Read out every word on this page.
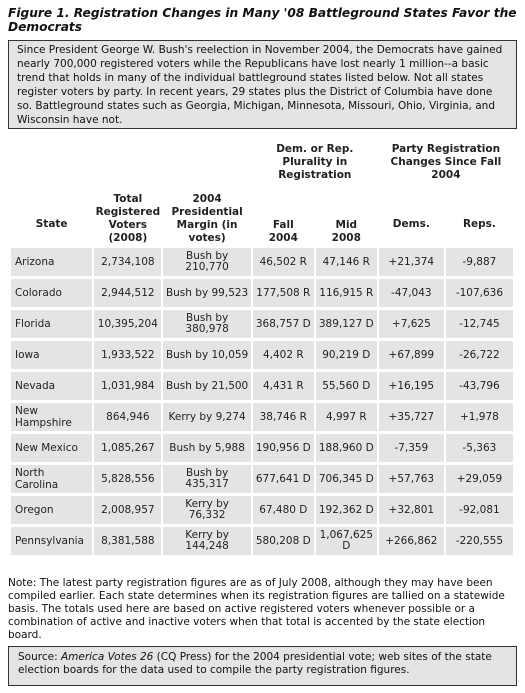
Figure 1. Registration Changes in Many '08 Battleground States Favor the
Democrats
Since President George W. Bush's reelection in November 2004, the Democrats have gained nearly 700,000 registered voters while the Republicans have lost nearly 1 million--a basic trend that holds in many of the individual battleground states listed below. Not all states register voters by party. In recent years, 29 states plus the District of Columbia have done so. Battleground states such as Georgia, Michigan, Minnesota, Missouri, Ohio, Virginia, and Wisconsin have not.
			Dem. or Rep. Plurality in Registration		Party Registration Changes Since Fall 2004	
State	Total Registered Voters (2008)	2004 Presidential Margin (in votes)	Fall 2004	Mid 2008	Dems.	Reps.
Arizona	2,734,108	Bush by 210,770	46,502 R	47,146 R	+21,374	-9,887
Colorado	2,944,512	Bush by 99,523	177,508 R	116,915 R	-47,043	-107,636
Florida	10,395,204	Bush by 380,978	368,757 D	389,127 D	+7,625	-12,745
Iowa	1,933,522	Bush by 10,059	4,402 R	90,219 D	+67,899	-26,722
Nevada	1,031,984	Bush by 21,500	4,431 R	55,560 D	+16,195	-43,796
New Hampshire	864,946	Kerry by 9,274	38,746 R	4,997 R	+35,727	+1,978
New Mexico	1,085,267	Bush by 5,988	190,956 D	188,960 D	-7,359	-5,363
North Carolina	5,828,556	Bush by 435,317	677,641 D	706,345 D	+57,763	+29,059
Oregon	2,008,957	Kerry by 76,332	67,480 D	192,362 D	+32,801	-92,081
Pennsylvania	8,381,588	Kerry by 144,248	580,208 D	1,067,625 D	+266,862	-220,555
Note: The latest party registration figures are as of July 2008, although they may have been compiled earlier. Each state determines when its registration figures are tallied on a statewide basis. The totals used here are based on active registered voters whenever possible or a combination of active and inactive voters when that total is accented by the state election board.
Source: America Votes 26 (CQ Press) for the 2004 presidential vote; web sites of the state election boards for the data used to compile the party registration figures.
